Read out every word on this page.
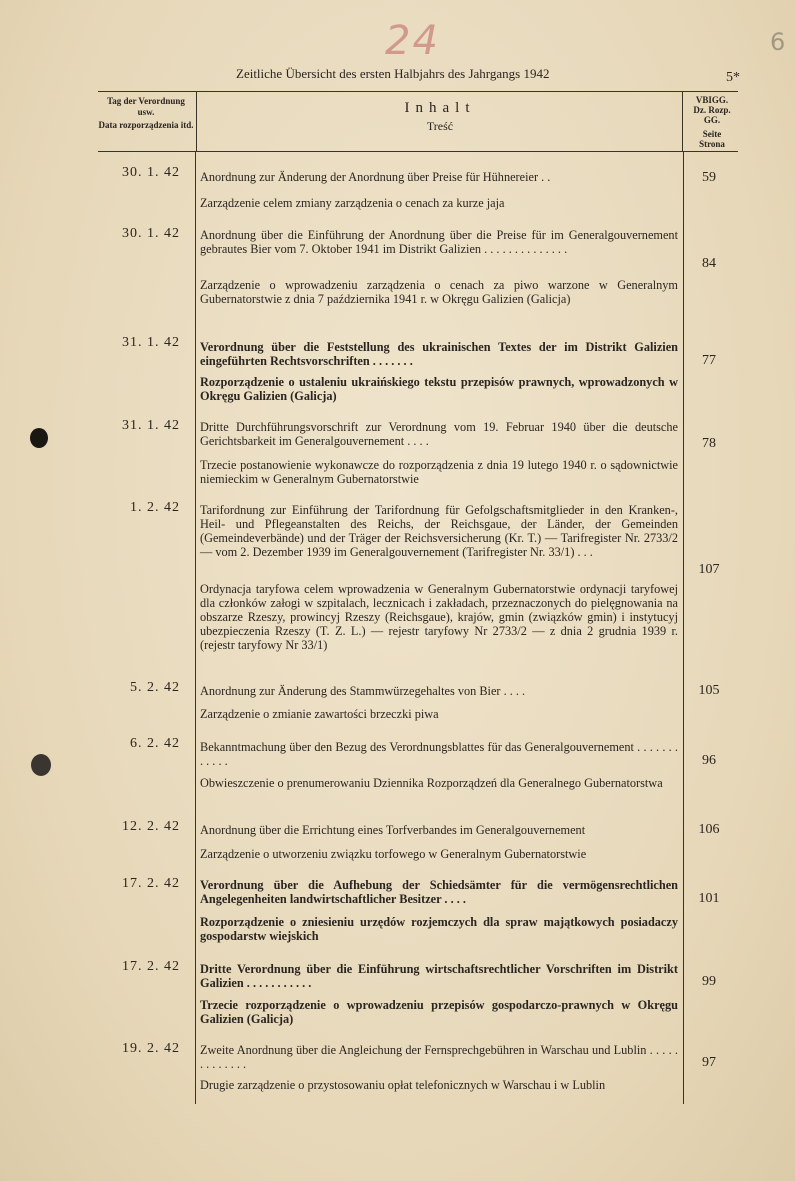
24	6
Zeitliche Übersicht des ersten Halbjahrs des Jahrgangs 1942	5*
Tag der Verordnung usw.
Data rozporządzenia itd.
Inhalt
Treść
VBIGG.
Dz. Rozp.
GG.
Seite
Strona
30. 1. 42 Anordnung zur Änderung der Anordnung über Preise für Hühnereier . .	59
Zarządzenie celem zmiany zarządzenia o cenach za kurze jaja
30. 1. 42 Anordnung über die Einführung der Anordnung über die Preise für im Generalgouvernement gebrautes Bier vom 7. Oktober 1941 im Distrikt Galizien . . . . . . . . . . . . . .
84
Zarządzenie o wprowadzeniu zarządzenia o cenach za piwo warzone w Generalnym Gubernatorstwie z dnia 7 października 1941 r. w Okręgu Galizien (Galicja)
31. 1. 42 Verordnung über die Feststellung des ukrainischen Textes der im Distrikt Galizien eingeführten Rechtsvorschriften . . . . . . .	77
Rozporządzenie o ustaleniu ukraińskiego tekstu przepisów prawnych, wprowadzonych w Okręgu Galizien (Galicja)
31. 1. 42 Dritte Durchführungsvorschrift zur Verordnung vom 19. Februar 1940 über die deutsche Gerichtsbarkeit im Generalgouvernement . . . .	78
Trzecie postanowienie wykonawcze do rozporządzenia z dnia 19 lutego 1940 r. o sądownictwie niemieckim w Generalnym Gubernatorstwie
1. 2. 42 Tarifordnung zur Einführung der Tarifordnung für Gefolgschaftsmitglieder in den Kranken-, Heil- und Pflegeanstalten des Reichs, der Reichsgaue, der Länder, der Gemeinden (Gemeindeverbände) und der Träger der Reichsversicherung (Kr. T.) — Tarifregister Nr. 2733/2 — vom 2. Dezember 1939 im Generalgouvernement (Tarifregister Nr. 33/1) . . .
107
Ordynacja taryfowa celem wprowadzenia w Generalnym Gubernatorstwie ordynacji taryfowej dla członków załogi w szpitalach, lecznicach i zakładach, przeznaczonych do pielęgnowania na obszarze Rzeszy, prowincyj Rzeszy (Reichsgaue), krajów, gmin (związków gmin) i instytucyj ubezpieczenia Rzeszy (T. Z. L.) — rejestr taryfowy Nr 2733/2 — z dnia 2 grudnia 1939 r. (rejestr taryfowy Nr 33/1)
5. 2. 42 Anordnung zur Änderung des Stammwürzegehaltes von Bier . . . .	105
Zarządzenie o zmianie zawartości brzeczki piwa
6. 2. 42 Bekanntmachung über den Bezug des Verordnungsblattes für das Generalgouvernement . . . . . . . . . . . .	96
Obwieszczenie o prenumerowaniu Dziennika Rozporządzeń dla Generalnego Gubernatorstwa
12. 2. 42 Anordnung über die Errichtung eines Torfverbandes im Generalgouvernement	106
Zarządzenie o utworzeniu związku torfowego w Generalnym Gubernatorstwie
17. 2. 42 Verordnung über die Aufhebung der Schiedsämter für die vermögensrechtlichen Angelegenheiten landwirtschaftlicher Besitzer . . . .	101
Rozporządzenie o zniesieniu urzędów rozjemczych dla spraw majątkowych posiadaczy gospodarstw wiejskich
17. 2. 42 Dritte Verordnung über die Einführung wirtschaftsrechtlicher Vorschriften im Distrikt Galizien . . . . . . . . . . .	99
Trzecie rozporządzenie o wprowadzeniu przepisów gospodarczo-prawnych w Okręgu Galizien (Galicja)
19. 2. 42 Zweite Anordnung über die Angleichung der Fernsprechgebühren in Warschau und Lublin . . . . . . . . . . . . .	97
Drugie zarządzenie o przystosowaniu opłat telefonicznych w Warschau i w Lublin
